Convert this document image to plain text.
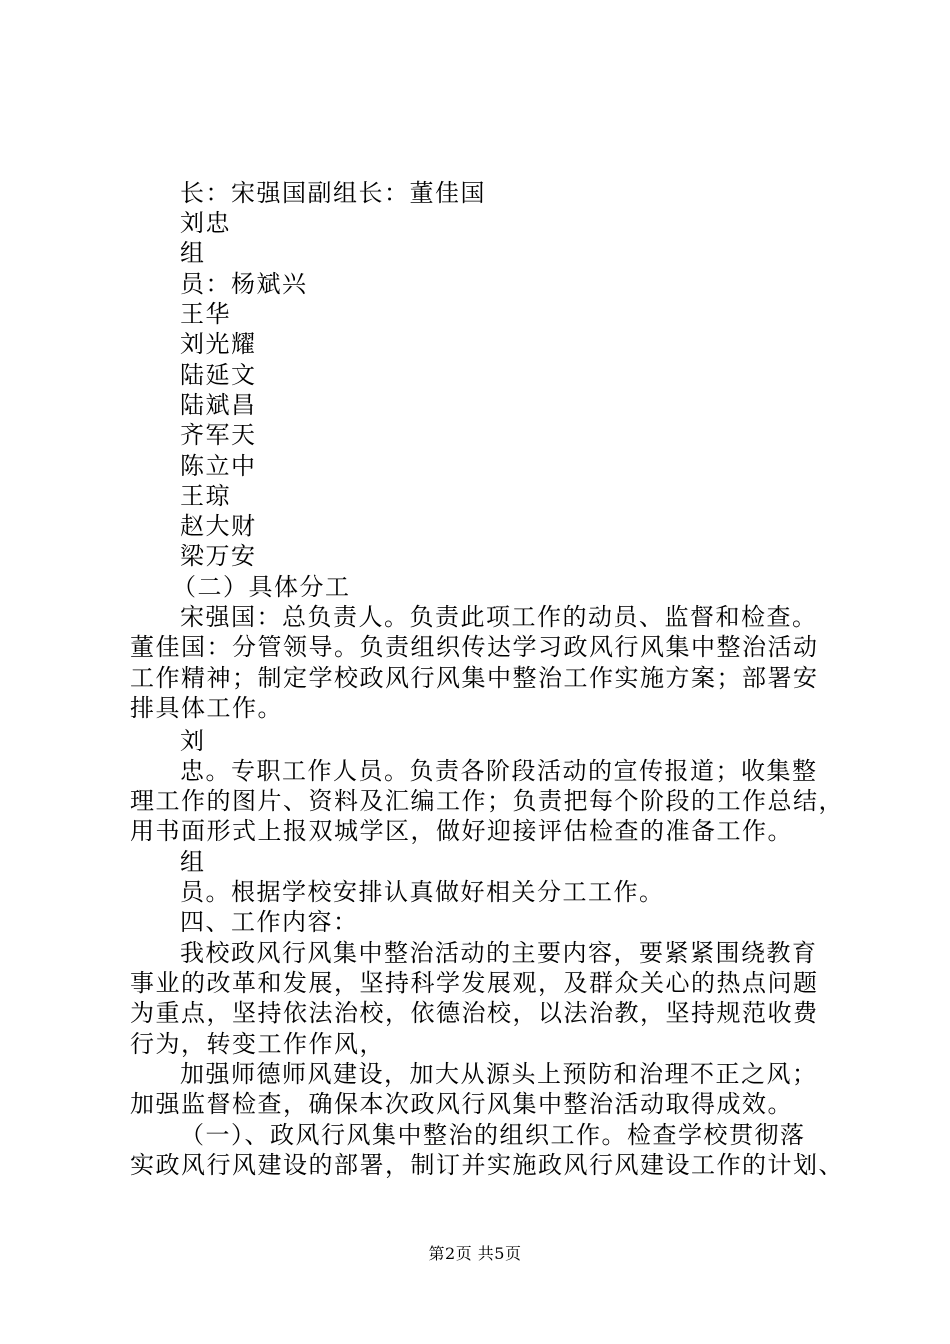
长：宋强国副组长：董佳国
刘忠
组
员：杨斌兴
王华
刘光耀
陆延文
陆斌昌
齐军天
陈立中
王琼
赵大财
梁万安
（二）具体分工
宋强国：总负责人。负责此项工作的动员、监督和检查。
董佳国：分管领导。负责组织传达学习政风行风集中整治活动
工作精神；制定学校政风行风集中整治工作实施方案；部署安
排具体工作。
刘
忠。专职工作人员。负责各阶段活动的宣传报道；收集整
理工作的图片、资料及汇编工作；负责把每个阶段的工作总结，
用书面形式上报双城学区，做好迎接评估检查的准备工作。
组
员。根据学校安排认真做好相关分工工作。
四、工作内容：
我校政风行风集中整治活动的主要内容，要紧紧围绕教育
事业的改革和发展，坚持科学发展观，及群众关心的热点问题
为重点，坚持依法治校，依德治校，以法治教，坚持规范收费
行为，转变工作作风，
加强师德师风建设，加大从源头上预防和治理不正之风；
加强监督检查，确保本次政风行风集中整治活动取得成效。
（一）、政风行风集中整治的组织工作。检查学校贯彻落
实政风行风建设的部署，制订并实施政风行风建设工作的计划、
第2页 共5页
